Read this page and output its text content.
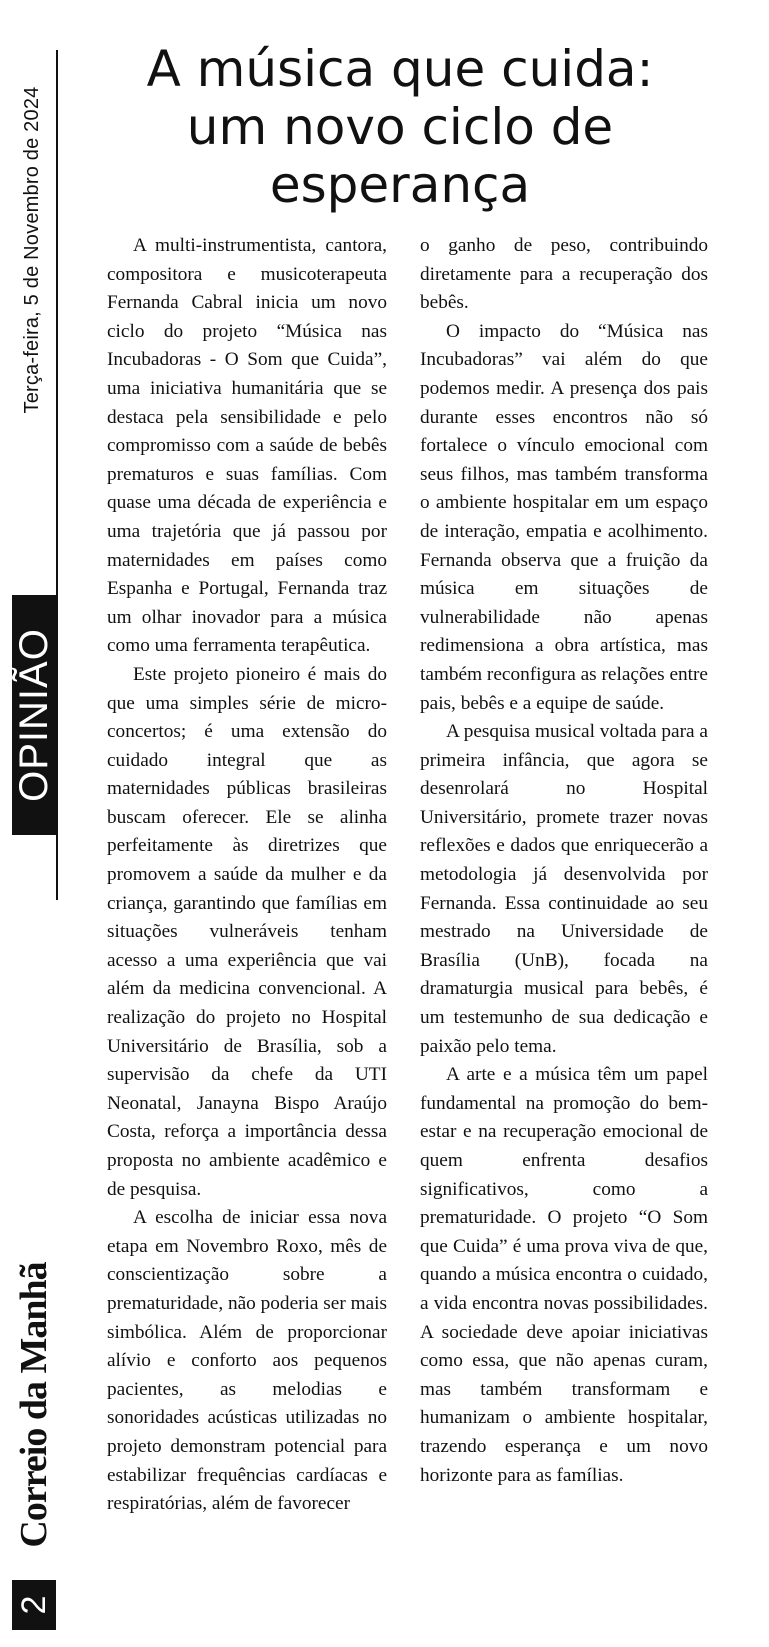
Terça-feira, 5 de Novembro de 2024
OPINIÃO
Correio da Manhã
2
A música que cuida: um novo ciclo de esperança

A multi-instrumentista, cantora, compositora e musicoterapeuta Fernanda Cabral inicia um novo ciclo do projeto “Música nas Incubadoras - O Som que Cuida”, uma iniciativa humanitária que se destaca pela sensibilidade e pelo compromisso com a saúde de bebês prematuros e suas famílias. Com quase uma década de experiência e uma trajetória que já passou por maternidades em países como Espanha e Portugal, Fernanda traz um olhar inovador para a música como uma ferramenta terapêutica.

Este projeto pioneiro é mais do que uma simples série de micro-concertos; é uma extensão do cuidado integral que as maternidades públicas brasileiras buscam oferecer. Ele se alinha perfeitamente às diretrizes que promovem a saúde da mulher e da criança, garantindo que famílias em situações vulneráveis tenham acesso a uma experiência que vai além da medicina convencional. A realização do projeto no Hospital Universitário de Brasília, sob a supervisão da chefe da UTI Neonatal, Janayna Bispo Araújo Costa, reforça a importância dessa proposta no ambiente acadêmico e de pesquisa.

A escolha de iniciar essa nova etapa em Novembro Roxo, mês de conscientização sobre a prematuridade, não poderia ser mais simbólica. Além de proporcionar alívio e conforto aos pequenos pacientes, as melodias e sonoridades acústicas utilizadas no projeto demonstram potencial para estabilizar frequências cardíacas e respiratórias, além de favorecer

o ganho de peso, contribuindo diretamente para a recuperação dos bebês.

O impacto do “Música nas Incubadoras” vai além do que podemos medir. A presença dos pais durante esses encontros não só fortalece o vínculo emocional com seus filhos, mas também transforma o ambiente hospitalar em um espaço de interação, empatia e acolhimento. Fernanda observa que a fruição da música em situações de vulnerabilidade não apenas redimensiona a obra artística, mas também reconfigura as relações entre pais, bebês e a equipe de saúde.

A pesquisa musical voltada para a primeira infância, que agora se desenrolará no Hospital Universitário, promete trazer novas reflexões e dados que enriquecerão a metodologia já desenvolvida por Fernanda. Essa continuidade ao seu mestrado na Universidade de Brasília (UnB), focada na dramaturgia musical para bebês, é um testemunho de sua dedicação e paixão pelo tema.

A arte e a música têm um papel fundamental na promoção do bem-estar e na recuperação emocional de quem enfrenta desafios significativos, como a prematuridade. O projeto “O Som que Cuida” é uma prova viva de que, quando a música encontra o cuidado, a vida encontra novas possibilidades. A sociedade deve apoiar iniciativas como essa, que não apenas curam, mas também transformam e humanizam o ambiente hospitalar, trazendo esperança e um novo horizonte para as famílias.
